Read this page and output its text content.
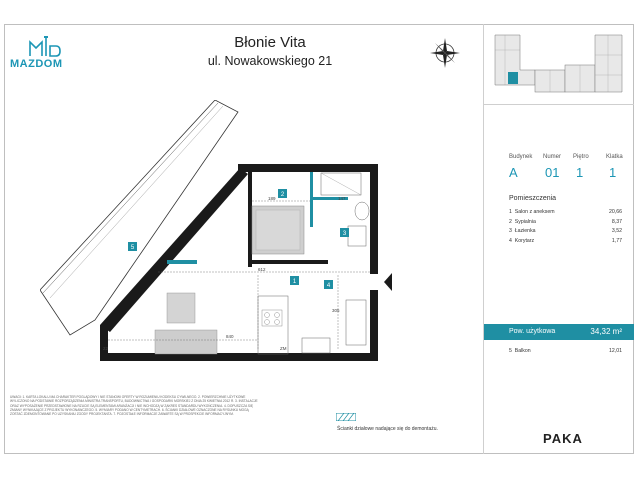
MAZDOM
Błonie Vita
ul. Nowakowskiego 21
Budynek Numer Piętro	Klatka
A 01 1 1
Pomieszczenia
1 Salon z aneksem	20,66
2 Sypialnia	8,37
3 Łazienka	3,52
4 Korytarz	1,77
Pow. użytkowa	34,32 m²
5 Balkon	12,01
5
2
3
1
4
189	147
612
840
305
22	ZM
UWAGI: 1. KARTA LOKALU MA CHARAKTER POGLĄDOWY I NIE STANOWI OFERTY W ROZUMIENIU KODEKSU CYWILNEGO. 2. POWIERZCHNIE UŻYTKOWE WYLICZONO NA PODSTAWIE ROZPORZĄDZENIA MINISTRA TRANSPORTU, BUDOWNICTWA I GOSPODARKI MORSKIEJ Z DNIA 25 KWIETNIA 2012 R. 3. INSTALACJE ORAZ WYPOSAŻENIE PRZEDSTAWIONE NA RZUCIE SĄ ELEMENTAMI ARANŻACJI I NIE WCHODZĄ W ZAKRES STANDARDU WYKOŃCZENIA. 4. DOPUSZCZA SIĘ ZMIANY WYNIKAJĄCE Z PROJEKTU WYKONAWCZEGO. 5. WYMIARY PODANO W CENTYMETRACH. 6. ŚCIANKI DZIAŁOWE OZNACZONE NA RYSUNKU MOGĄ ZOSTAĆ ZDEMONTOWANE PO UZYSKANIU ZGODY PROJEKTANTA. 7. POZOSTAŁE INFORMACJE ZAWARTE SĄ W PROSPEKCIE INFORMACYJNYM.
Ścianki działowe nadające się do demontażu.
PAKA
